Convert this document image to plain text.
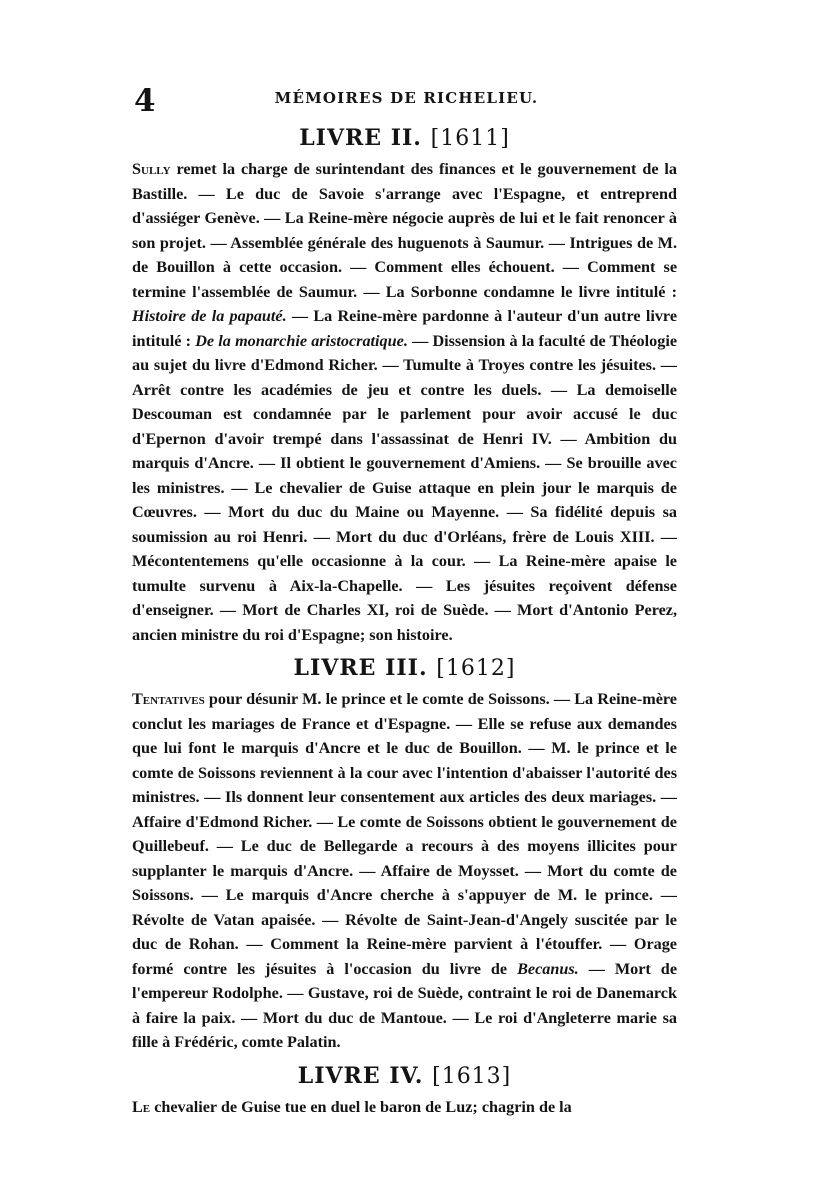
4	MÉMOIRES DE RICHELIEU.
LIVRE II. [1611]

Sully remet la charge de surintendant des finances et le gouvernement de la Bastille. — Le duc de Savoie s'arrange avec l'Espagne, et entreprend d'assiéger Genève. — La Reine-mère négocie auprès de lui et le fait renoncer à son projet. — Assemblée générale des huguenots à Saumur. — Intrigues de M. de Bouillon à cette occasion. — Comment elles échouent. — Comment se termine l'assemblée de Saumur. — La Sorbonne condamne le livre intitulé : Histoire de la papauté. — La Reine-mère pardonne à l'auteur d'un autre livre intitulé : De la monarchie aristocratique. — Dissension à la faculté de Théologie au sujet du livre d'Edmond Richer. — Tumulte à Troyes contre les jésuites. — Arrêt contre les académies de jeu et contre les duels. — La demoiselle Descouman est condamnée par le parlement pour avoir accusé le duc d'Epernon d'avoir trempé dans l'assassinat de Henri IV. — Ambition du marquis d'Ancre. — Il obtient le gouvernement d'Amiens. — Se brouille avec les ministres. — Le chevalier de Guise attaque en plein jour le marquis de Cœuvres. — Mort du duc du Maine ou Mayenne. — Sa fidélité depuis sa soumission au roi Henri. — Mort du duc d'Orléans, frère de Louis XIII. — Mécontentemens qu'elle occasionne à la cour. — La Reine-mère apaise le tumulte survenu à Aix-la-Chapelle. — Les jésuites reçoivent défense d'enseigner. — Mort de Charles XI, roi de Suède. — Mort d'Antonio Perez, ancien ministre du roi d'Espagne; son histoire.

LIVRE III. [1612]

Tentatives pour désunir M. le prince et le comte de Soissons. — La Reine-mère conclut les mariages de France et d'Espagne. — Elle se refuse aux demandes que lui font le marquis d'Ancre et le duc de Bouillon. — M. le prince et le comte de Soissons reviennent à la cour avec l'intention d'abaisser l'autorité des ministres. — Ils donnent leur consentement aux articles des deux mariages. — Affaire d'Edmond Richer. — Le comte de Soissons obtient le gouvernement de Quillebeuf. — Le duc de Bellegarde a recours à des moyens illicites pour supplanter le marquis d'Ancre. — Affaire de Moysset. — Mort du comte de Soissons. — Le marquis d'Ancre cherche à s'appuyer de M. le prince. — Révolte de Vatan apaisée. — Révolte de Saint-Jean-d'Angely suscitée par le duc de Rohan. — Comment la Reine-mère parvient à l'étouffer. — Orage formé contre les jésuites à l'occasion du livre de Becanus. — Mort de l'empereur Rodolphe. — Gustave, roi de Suède, contraint le roi de Danemarck à faire la paix. — Mort du duc de Mantoue. — Le roi d'Angleterre marie sa fille à Frédéric, comte Palatin.

LIVRE IV. [1613]

Le chevalier de Guise tue en duel le baron de Luz; chagrin de la
